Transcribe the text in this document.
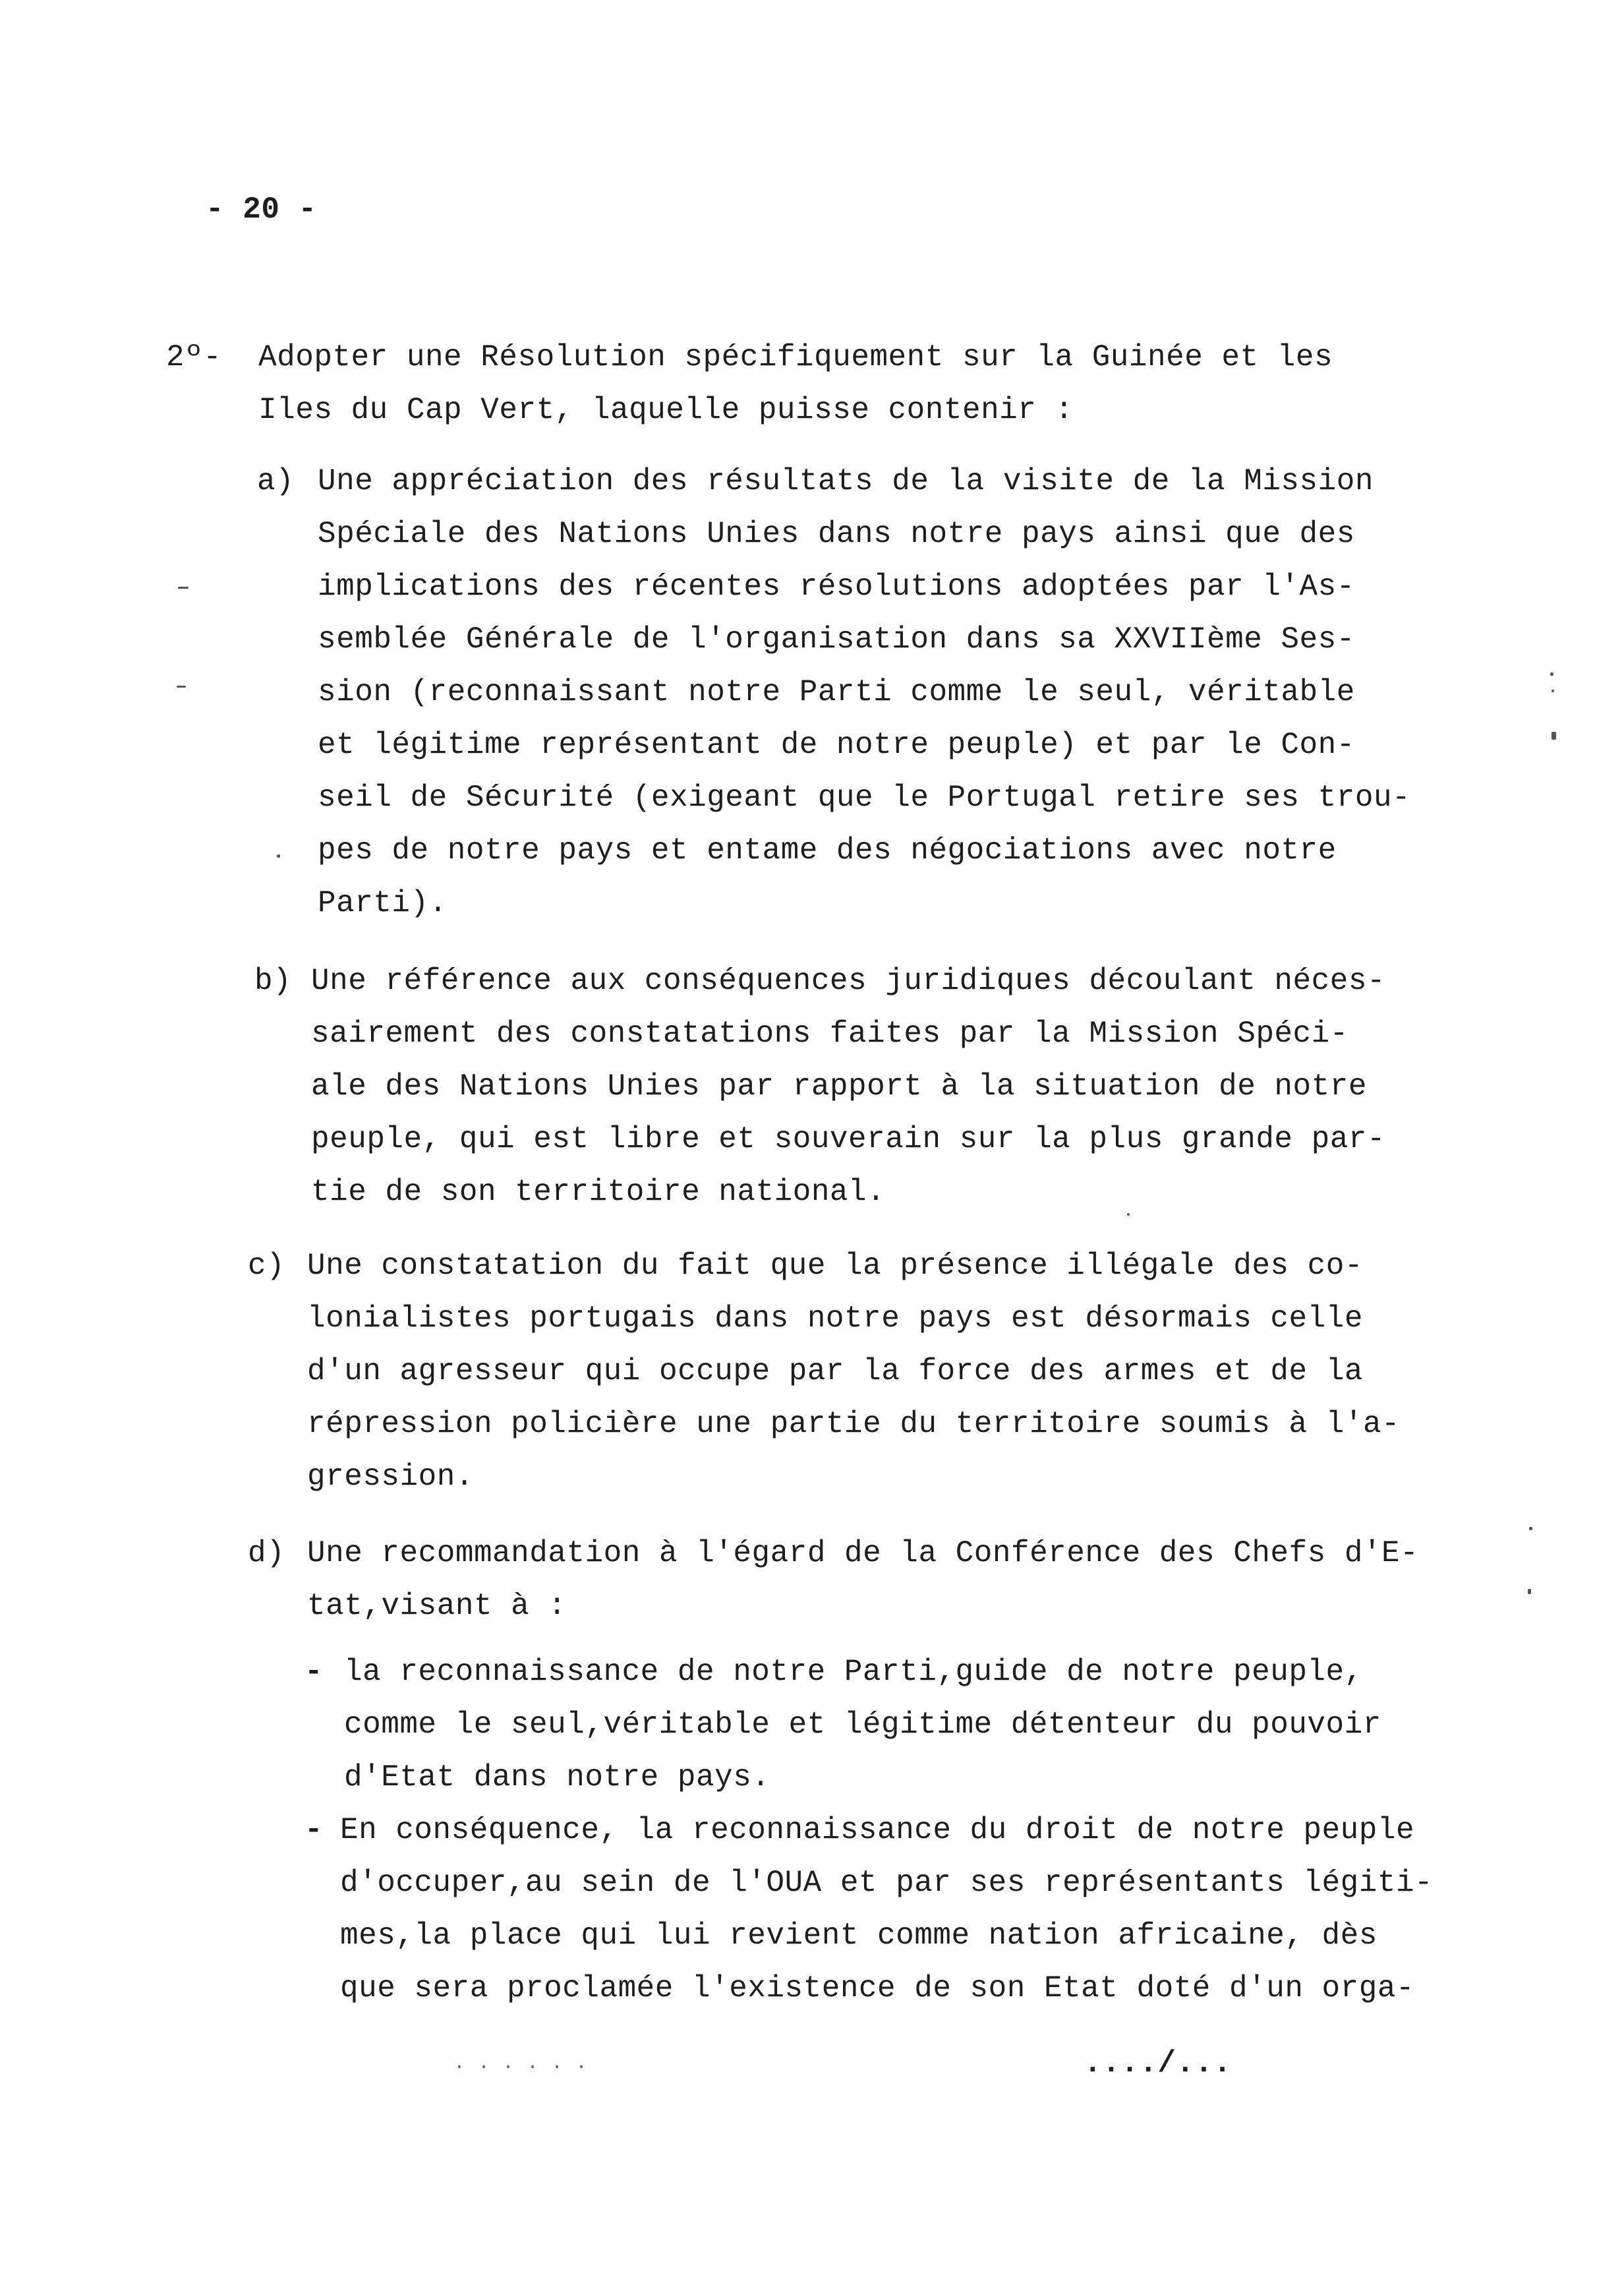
- 20 -
2º- Adopter une Résolution spécifiquement sur la Guinée et les
Iles du Cap Vert, laquelle puisse contenir :
a) Une appréciation des résultats de la visite de la Mission
Spéciale des Nations Unies dans notre pays ainsi que des
implications des récentes résolutions adoptées par l'As-
semblée Générale de l'organisation dans sa XXVIIème Ses-
sion (reconnaissant notre Parti comme le seul, véritable
et légitime représentant de notre peuple) et par le Con-
seil de Sécurité (exigeant que le Portugal retire ses trou-
pes de notre pays et entame des négociations avec notre
Parti).
b) Une référence aux conséquences juridiques découlant néces-
sairement des constatations faites par la Mission Spéci-
ale des Nations Unies par rapport à la situation de notre
peuple, qui est libre et souverain sur la plus grande par-
tie de son territoire national.
c) Une constatation du fait que la présence illégale des co-
lonialistes portugais dans notre pays est désormais celle
d'un agresseur qui occupe par la force des armes et de la
répression policière une partie du territoire soumis à l'a-
gression.
d) Une recommandation à l'égard de la Conférence des Chefs d'E-
tat,visant à :
- la reconnaissance de notre Parti,guide de notre peuple,
comme le seul,véritable et légitime détenteur du pouvoir
d'Etat dans notre pays.
- En conséquence, la reconnaissance du droit de notre peuple
d'occuper,au sein de l'OUA et par ses représentants légiti-
mes,la place qui lui revient comme nation africaine, dès
que sera proclamée l'existence de son Etat doté d'un orga-
. . . . . .	..../...
